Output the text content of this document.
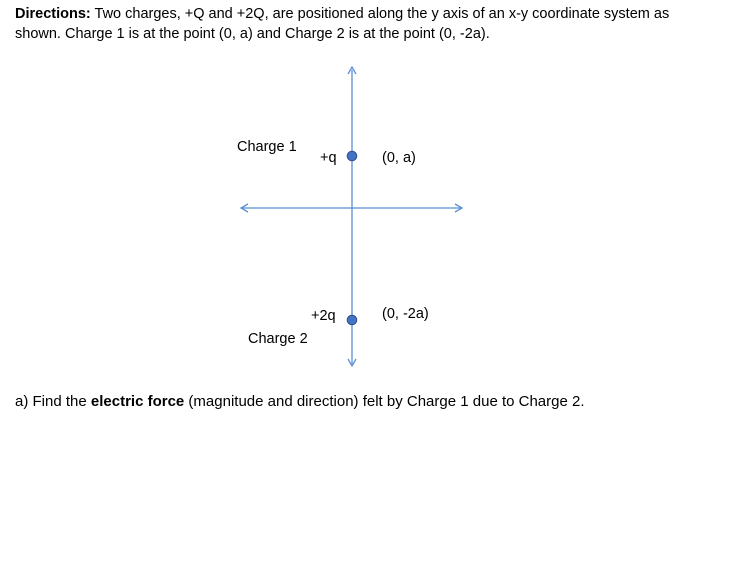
Directions: Two charges, +Q and +2Q, are positioned along the y axis of an x-y coordinate system as shown. Charge 1 is at the point (0, a) and Charge 2 is at the point (0, -2a).
Charge 1
+q	(0, a)
+2q	(0, -2a)
Charge 2
a) Find the electric force (magnitude and direction) felt by Charge 1 due to Charge 2.
